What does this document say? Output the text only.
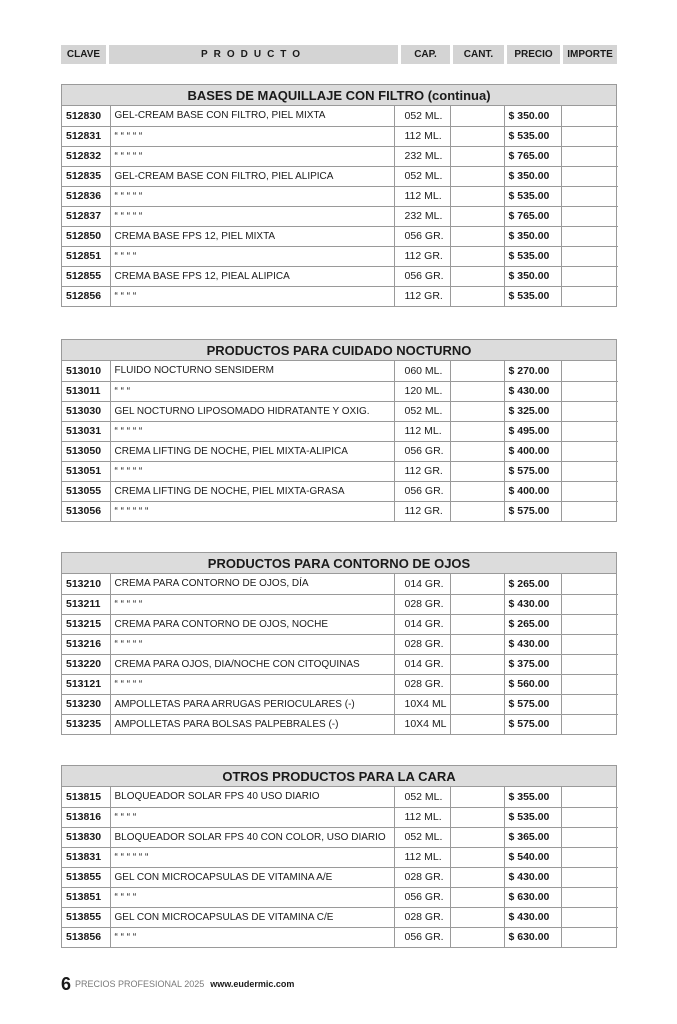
CLAVE	PRODUCTO	CAP.	CANT.	PRECIO	IMPORTE
BASES DE MAQUILLAJE CON FILTRO (continua)
512830	GEL-CREAM BASE CON FILTRO, PIEL MIXTA	052 ML.		$ 350.00	
512831	“ “ “ “ “	112 ML.		$ 535.00	
512832	“ “ “ “ “	232 ML.		$ 765.00	
512835	GEL-CREAM BASE CON FILTRO, PIEL ALIPICA	052 ML.		$ 350.00	
512836	“ “ “ “ “	112 ML.		$ 535.00	
512837	“ “ “ “ “	232 ML.		$ 765.00	
512850	CREMA BASE FPS 12, PIEL MIXTA	056 GR.		$ 350.00	
512851	“ “ “ “	112 GR.		$ 535.00	
512855	CREMA BASE FPS 12, PIEAL ALIPICA	056 GR.		$ 350.00	
512856	“ “ “ “	112 GR.		$ 535.00	
PRODUCTOS PARA CUIDADO NOCTURNO
513010	FLUIDO NOCTURNO SENSIDERM	060 ML.		$ 270.00	
513011	“ “ “	120 ML.		$ 430.00	
513030	GEL NOCTURNO LIPOSOMADO HIDRATANTE Y OXIG.	052 ML.		$ 325.00	
513031	“ “ “ “ “	112 ML.		$ 495.00	
513050	CREMA LIFTING DE NOCHE, PIEL MIXTA-ALIPICA	056 GR.		$ 400.00	
513051	“ “ “ “ “	112 GR.		$ 575.00	
513055	CREMA LIFTING DE NOCHE, PIEL MIXTA-GRASA	056 GR.		$ 400.00	
513056	“ “ “ “ “ “	112 GR.		$ 575.00	
PRODUCTOS PARA CONTORNO DE OJOS
513210	CREMA PARA CONTORNO DE OJOS, DÍA	014 GR.		$ 265.00	
513211	“ “ “ “ “	028 GR.		$ 430.00	
513215	CREMA PARA CONTORNO DE OJOS, NOCHE	014 GR.		$ 265.00	
513216	“ “ “ “ “	028 GR.		$ 430.00	
513220	CREMA PARA OJOS, DIA/NOCHE CON CITOQUINAS	014 GR.		$ 375.00	
513121	“ “ “ “ “	028 GR.		$ 560.00	
513230	AMPOLLETAS PARA ARRUGAS PERIOCULARES (-)	10X4 ML		$ 575.00	
513235	AMPOLLETAS PARA BOLSAS PALPEBRALES (-)	10X4 ML		$ 575.00	
OTROS PRODUCTOS PARA LA CARA
513815	BLOQUEADOR SOLAR FPS 40 USO DIARIO	052 ML.		$ 355.00	
513816	“ “ “ “	112 ML.		$ 535.00	
513830	BLOQUEADOR SOLAR FPS 40 CON COLOR, USO DIARIO	052 ML.		$ 365.00	
513831	“ “ “ “ “ “	112 ML.		$ 540.00	
513855	GEL CON MICROCAPSULAS DE VITAMINA A/E	028 GR.		$ 430.00	
513851	“ “ “ “	056 GR.		$ 630.00	
513855	GEL CON MICROCAPSULAS DE VITAMINA C/E	028 GR.		$ 430.00	
513856	“ “ “ “	056 GR.		$ 630.00	
6 PRECIOS PROFESIONAL 2025 www.eudermic.com
